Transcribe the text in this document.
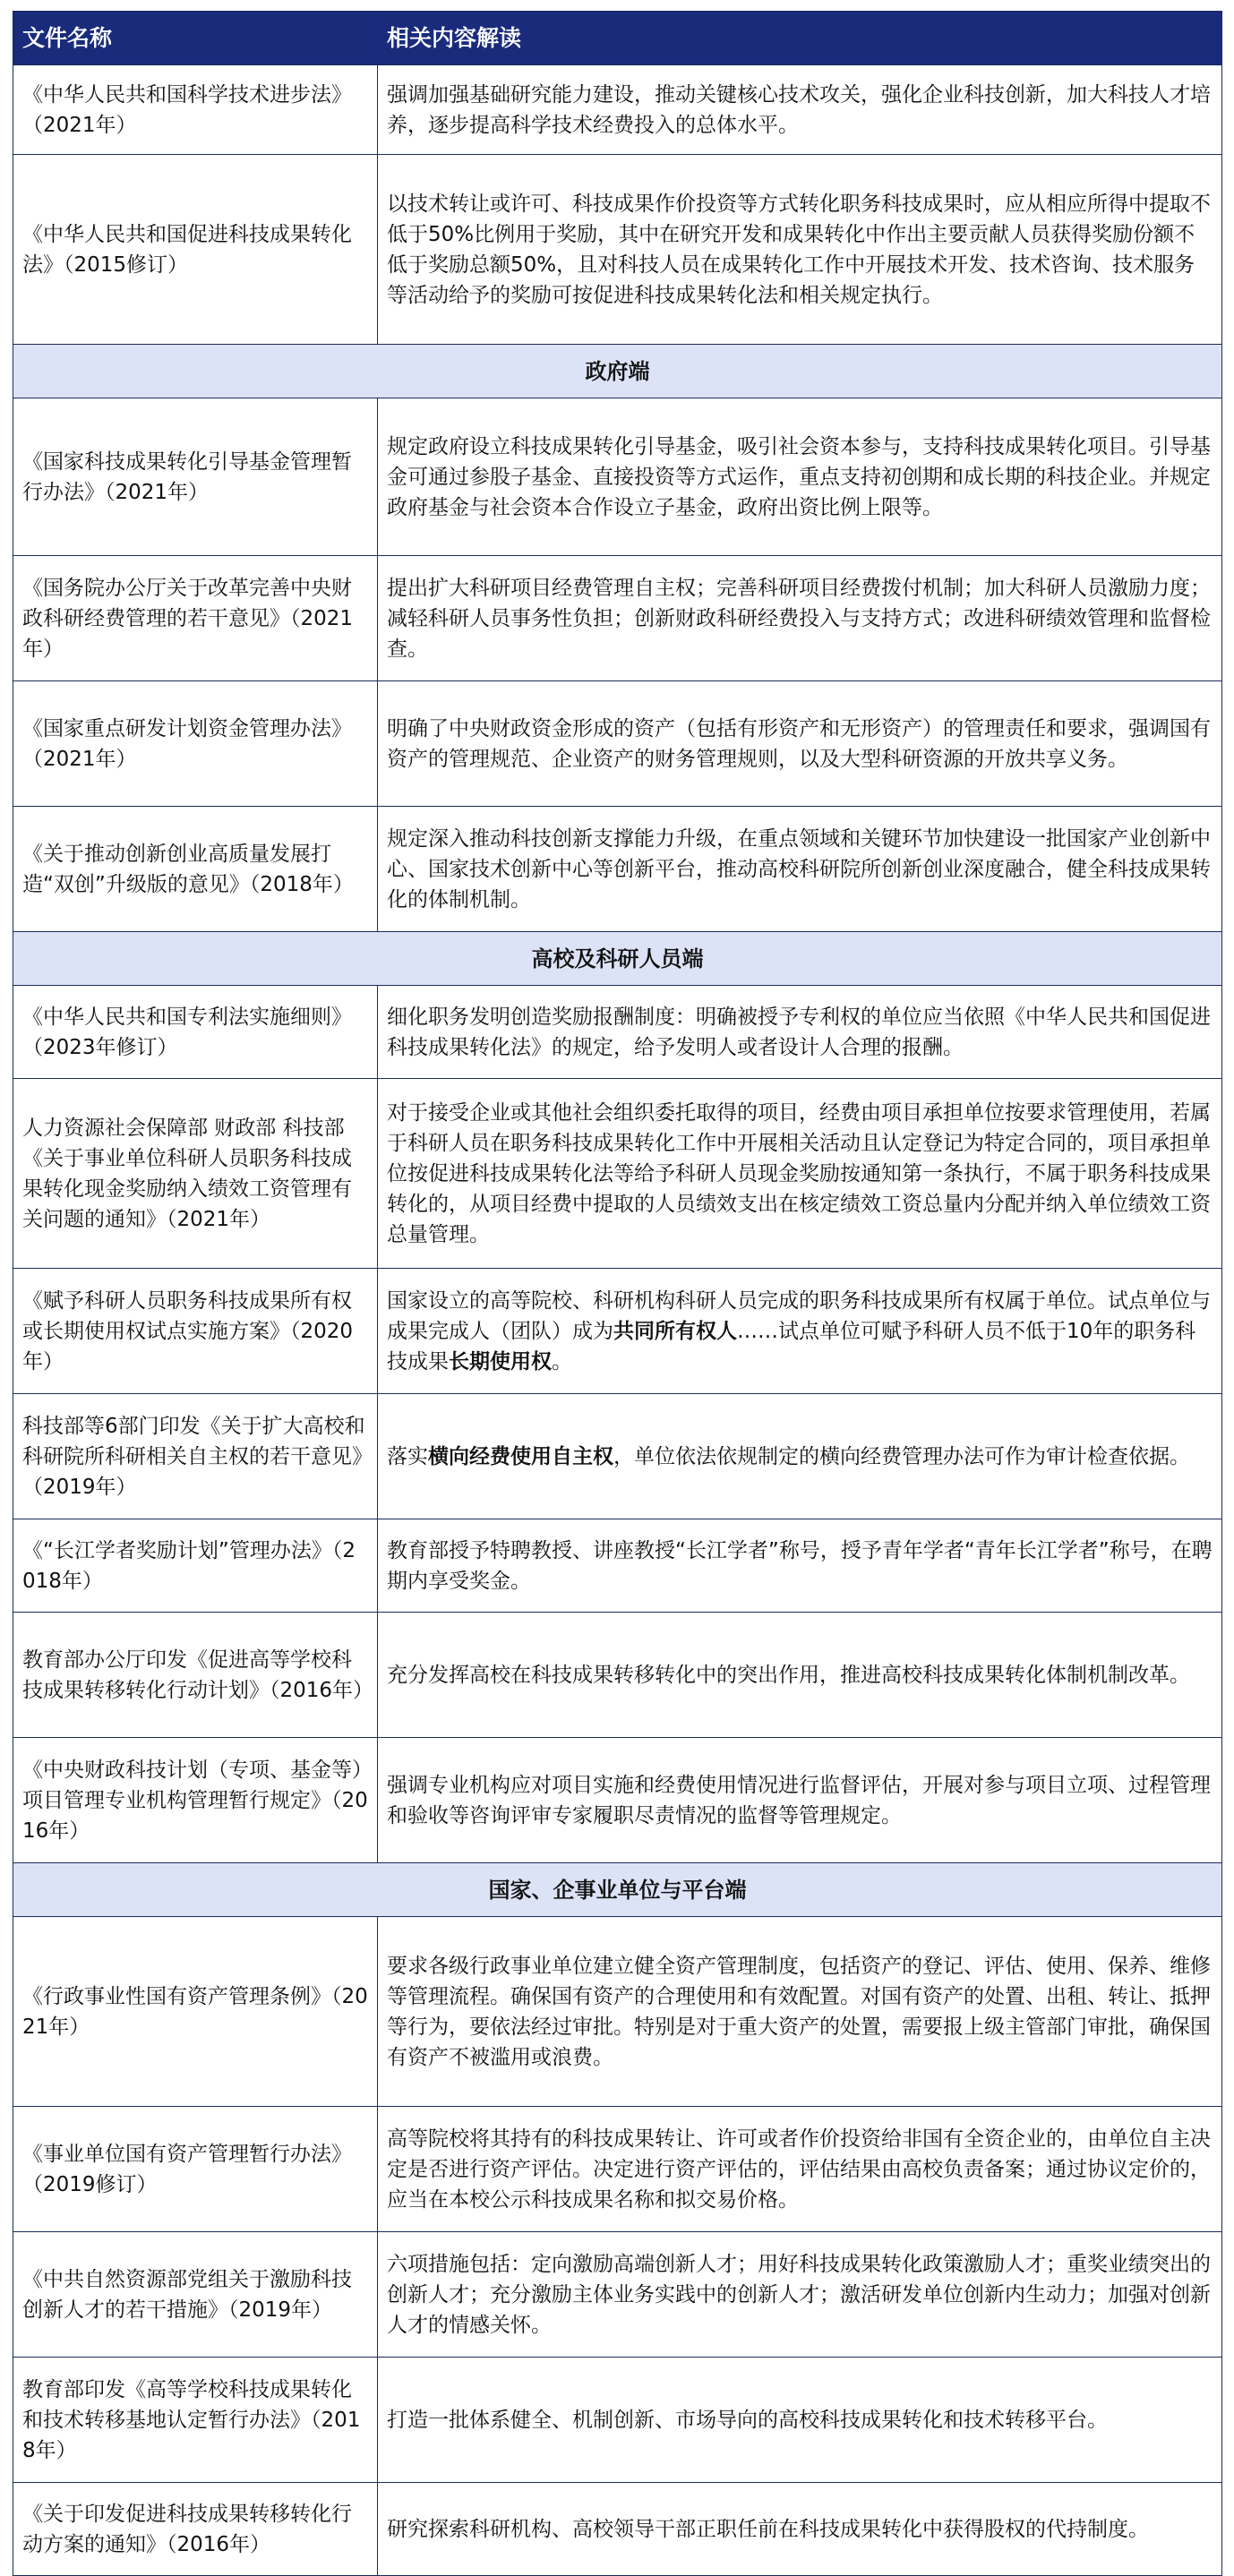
文件名称	相关内容解读
《中华人民共和国科学技术进步法》（2021年）	强调加强基础研究能力建设，推动关键核心技术攻关，强化企业科技创新，加大科技人才培养，逐步提高科学技术经费投入的总体水平。
《中华人民共和国促进科技成果转化法》（2015修订）	以技术转让或许可、科技成果作价投资等方式转化职务科技成果时，应从相应所得中提取不低于50%比例用于奖励，其中在研究开发和成果转化中作出主要贡献人员获得奖励份额不低于奖励总额50%，且对科技人员在成果转化工作中开展技术开发、技术咨询、技术服务等活动给予的奖励可按促进科技成果转化法和相关规定执行。
政府端	
《国家科技成果转化引导基金管理暂行办法》（2021年）	规定政府设立科技成果转化引导基金，吸引社会资本参与，支持科技成果转化项目。引导基金可通过参股子基金、直接投资等方式运作，重点支持初创期和成长期的科技企业。并规定政府基金与社会资本合作设立子基金，政府出资比例上限等。
《国务院办公厅关于改革完善中央财政科研经费管理的若干意见》（2021年）	提出扩大科研项目经费管理自主权；完善科研项目经费拨付机制；加大科研人员激励力度；减轻科研人员事务性负担；创新财政科研经费投入与支持方式；改进科研绩效管理和监督检查。
《国家重点研发计划资金管理办法》（2021年）	明确了中央财政资金形成的资产（包括有形资产和无形资产）的管理责任和要求，强调国有资产的管理规范、企业资产的财务管理规则，以及大型科研资源的开放共享义务。
《关于推动创新创业高质量发展打造“双创”升级版的意见》（2018年）	规定深入推动科技创新支撑能力升级，在重点领域和关键环节加快建设一批国家产业创新中心、国家技术创新中心等创新平台，推动高校科研院所创新创业深度融合，健全科技成果转化的体制机制。
高校及科研人员端	
《中华人民共和国专利法实施细则》（2023年修订）	细化职务发明创造奖励报酬制度：明确被授予专利权的单位应当依照《中华人民共和国促进科技成果转化法》的规定，给予发明人或者设计人合理的报酬。
人力资源社会保障部 财政部 科技部《关于事业单位科研人员职务科技成果转化现金奖励纳入绩效工资管理有关问题的通知》（2021年）	对于接受企业或其他社会组织委托取得的项目，经费由项目承担单位按要求管理使用，若属于科研人员在职务科技成果转化工作中开展相关活动且认定登记为特定合同的，项目承担单位按促进科技成果转化法等给予科研人员现金奖励按通知第一条执行，不属于职务科技成果转化的，从项目经费中提取的人员绩效支出在核定绩效工资总量内分配并纳入单位绩效工资总量管理。
《赋予科研人员职务科技成果所有权或长期使用权试点实施方案》（2020年）	国家设立的高等院校、科研机构科研人员完成的职务科技成果所有权属于单位。试点单位与成果完成人（团队）成为共同所有权人……试点单位可赋予科研人员不低于10年的职务科技成果长期使用权。
科技部等6部门印发《关于扩大高校和科研院所科研相关自主权的若干意见》（2019年）	落实横向经费使用自主权，单位依法依规制定的横向经费管理办法可作为审计检查依据。
《“长江学者奖励计划”管理办法》（2018年）	教育部授予特聘教授、讲座教授“长江学者”称号，授予青年学者“青年长江学者”称号，在聘期内享受奖金。
教育部办公厅印发《促进高等学校科技成果转移转化行动计划》（2016年）	充分发挥高校在科技成果转移转化中的突出作用，推进高校科技成果转化体制机制改革。
《中央财政科技计划（专项、基金等）项目管理专业机构管理暂行规定》（2016年）	强调专业机构应对项目实施和经费使用情况进行监督评估，开展对参与项目立项、过程管理和验收等咨询评审专家履职尽责情况的监督等管理规定。
国家、企事业单位与平台端	
《行政事业性国有资产管理条例》（2021年）	要求各级行政事业单位建立健全资产管理制度，包括资产的登记、评估、使用、保养、维修等管理流程。确保国有资产的合理使用和有效配置。对国有资产的处置、出租、转让、抵押等行为，要依法经过审批。特别是对于重大资产的处置，需要报上级主管部门审批，确保国有资产不被滥用或浪费。
《事业单位国有资产管理暂行办法》（2019修订）	高等院校将其持有的科技成果转让、许可或者作价投资给非国有全资企业的，由单位自主决定是否进行资产评估。决定进行资产评估的，评估结果由高校负责备案；通过协议定价的，应当在本校公示科技成果名称和拟交易价格。
《中共自然资源部党组关于激励科技创新人才的若干措施》（2019年）	六项措施包括：定向激励高端创新人才；用好科技成果转化政策激励人才；重奖业绩突出的创新人才；充分激励主体业务实践中的创新人才；激活研发单位创新内生动力；加强对创新人才的情感关怀。
教育部印发《高等学校科技成果转化和技术转移基地认定暂行办法》（2018年）	打造一批体系健全、机制创新、市场导向的高校科技成果转化和技术转移平台。
《关于印发促进科技成果转移转化行动方案的通知》（2016年）	研究探索科研机构、高校领导干部正职任前在科技成果转化中获得股权的代持制度。
